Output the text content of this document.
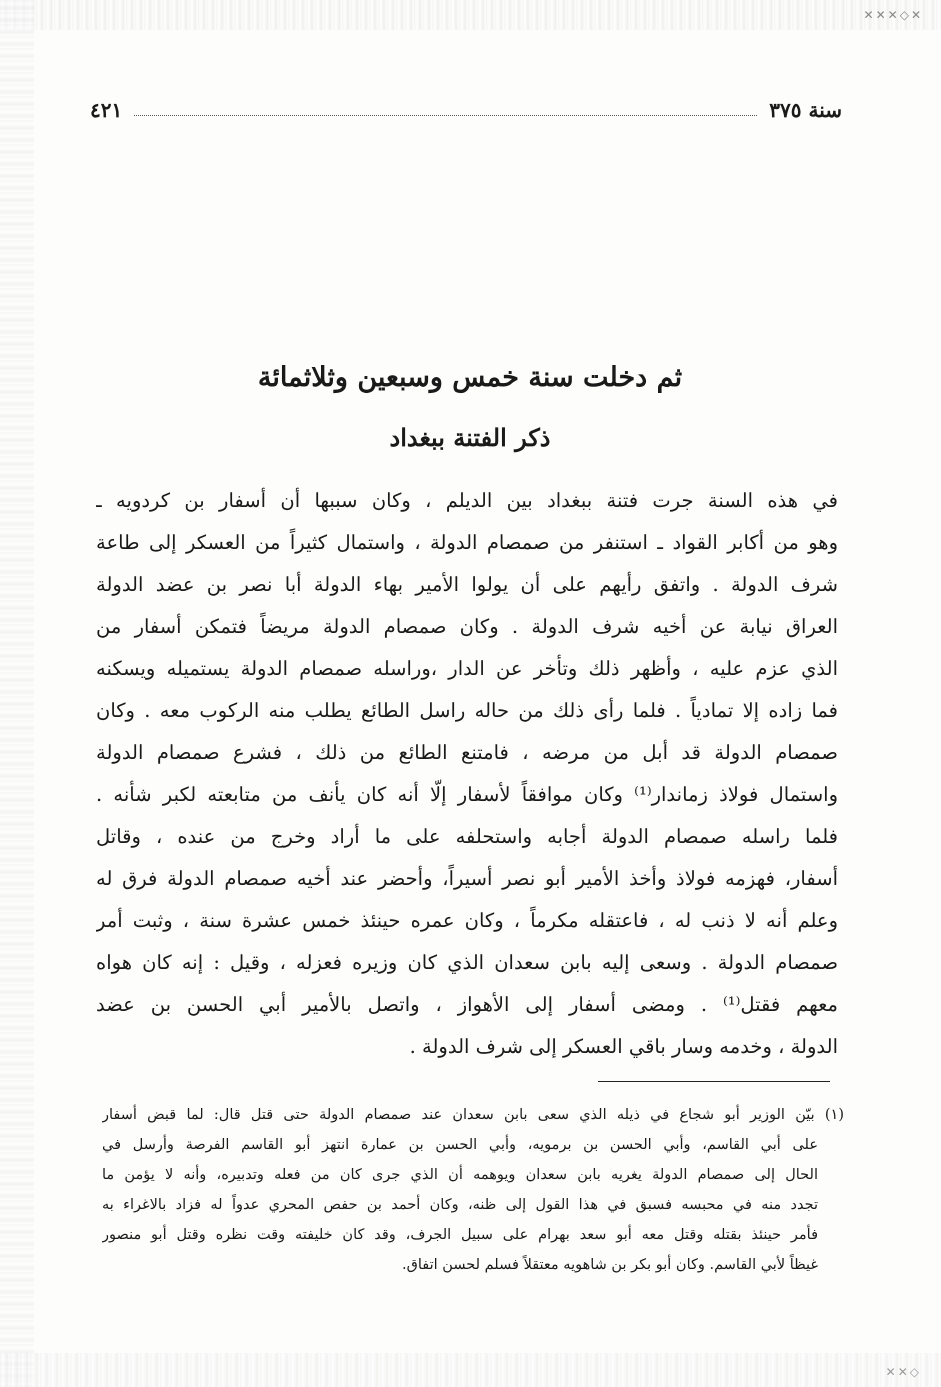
✕✕✕◇✕
✕✕◇
سنة ٣٧٥
٤٢١
ثم دخلت سنة خمس وسبعين وثلاثمائة
ذكر الفتنة ببغداد
في هذه السنة جرت فتنة ببغداد بين الديلم ، وكان سببها أن أسفار بن كردويه ـ
وهو من أكابر القواد ـ استنفر من صمصام الدولة ، واستمال كثيراً من العسكر إلى طاعة
شرف الدولة . واتفق رأيهم على أن يولوا الأمير بهاء الدولة أبا نصر بن عضد الدولة
العراق نيابة عن أخيه شرف الدولة . وكان صمصام الدولة مريضاً فتمكن أسفار من
الذي عزم عليه ، وأظهر ذلك وتأخر عن الدار ،وراسله صمصام الدولة يستميله ويسكنه
فما زاده إلا تمادياً . فلما رأى ذلك من حاله راسل الطائع يطلب منه الركوب معه . وكان
صمصام الدولة قد أبل من مرضه ، فامتنع الطائع من ذلك ، فشرع صمصام الدولة
واستمال فولاذ زماندار⁽¹⁾ وكان موافقاً لأسفار إلّا أنه كان يأنف من متابعته لكبر شأنه .
فلما راسله صمصام الدولة أجابه واستحلفه على ما أراد وخرج من عنده ، وقاتل
أسفار، فهزمه فولاذ وأخذ الأمير أبو نصر أسيراً، وأحضر عند أخيه صمصام الدولة فرق له
وعلم أنه لا ذنب له ، فاعتقله مكرماً ، وكان عمره حينئذ خمس عشرة سنة ، وثبت أمر
صمصام الدولة . وسعى إليه بابن سعدان الذي كان وزيره فعزله ، وقيل : إنه كان هواه
معهم فقتل⁽¹⁾ . ومضى أسفار إلى الأهواز ، واتصل بالأمير أبي الحسن بن عضد
الدولة ، وخدمه وسار باقي العسكر إلى شرف الدولة .
(١) بيّن الوزير أبو شجاع في ذيله الذي سعى بابن سعدان عند صمصام الدولة حتى قتل قال: لما قبض أسفار
على أبي القاسم، وأبي الحسن بن برمويه، وأبي الحسن بن عمارة انتهز أبو القاسم الفرصة وأرسل في
الحال إلى صمصام الدولة يغريه بابن سعدان ويوهمه أن الذي جرى كان من فعله وتدبيره، وأنه لا يؤمن ما
تجدد منه في محبسه فسبق في هذا القول إلى ظنه، وكان أحمد بن حفص المحري عدواً له فزاد بالاغراء به
فأمر حينئذ بقتله وقتل معه أبو سعد بهرام على سبيل الجرف، وقد كان خليفته وقت نظره وقتل أبو منصور
غيظاً لأبي القاسم. وكان أبو بكر بن شاهويه معتقلاً فسلم لحسن اتفاق.
